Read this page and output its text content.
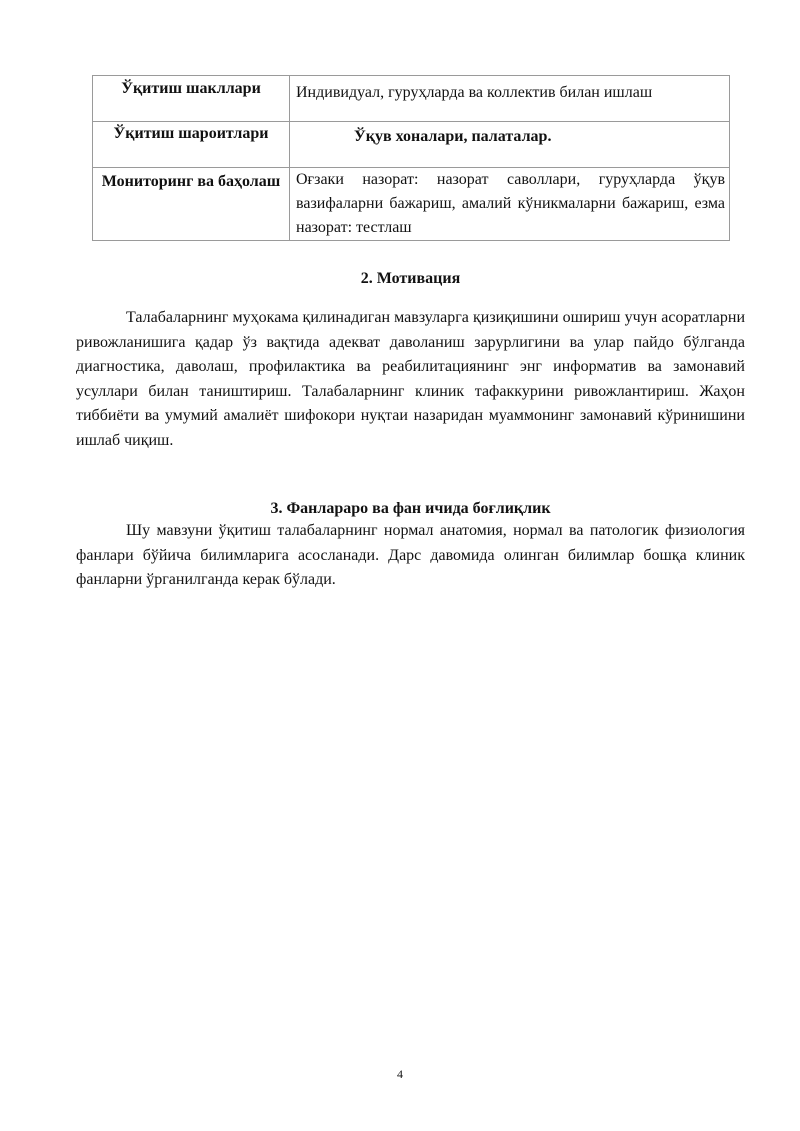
Ўқитиш шакллари	Индивидуал, гуруҳларда ва коллектив билан ишлаш

Ўқитиш шароитлари	Ўқув хоналари, палаталар.

Мониторинг ва баҳолаш	Оғзаки назорат: назорат саволлари, гуруҳларда ўқув вазифаларни бажариш, амалий кўникмаларни бажариш, езма назорат: тестлаш
2. Мотивация

Талабаларнинг муҳокама қилинадиган мавзуларга қизиқишини ошириш учун асоратларни ривожланишига қадар ўз вақтида адекват даволаниш зарурлигини ва улар пайдо бўлганда диагностика, даволаш, профилактика ва реабилитациянинг энг информатив ва замонавий усуллари билан таништириш. Талабаларнинг клиник тафаккурини ривожлантириш. Жаҳон тиббиёти ва умумий амалиёт шифокори нуқтаи назаридан муаммонинг замонавий кўринишини ишлаб чиқиш.

3. Фанлараро ва фан ичида боғлиқлик

Шу мавзуни ўқитиш талабаларнинг нормал анатомия, нормал ва патологик физиология фанлари бўйича билимларига асосланади. Дарс давомида олинган билимлар бошқа клиник фанларни ўрганилганда керак бўлади.

4
